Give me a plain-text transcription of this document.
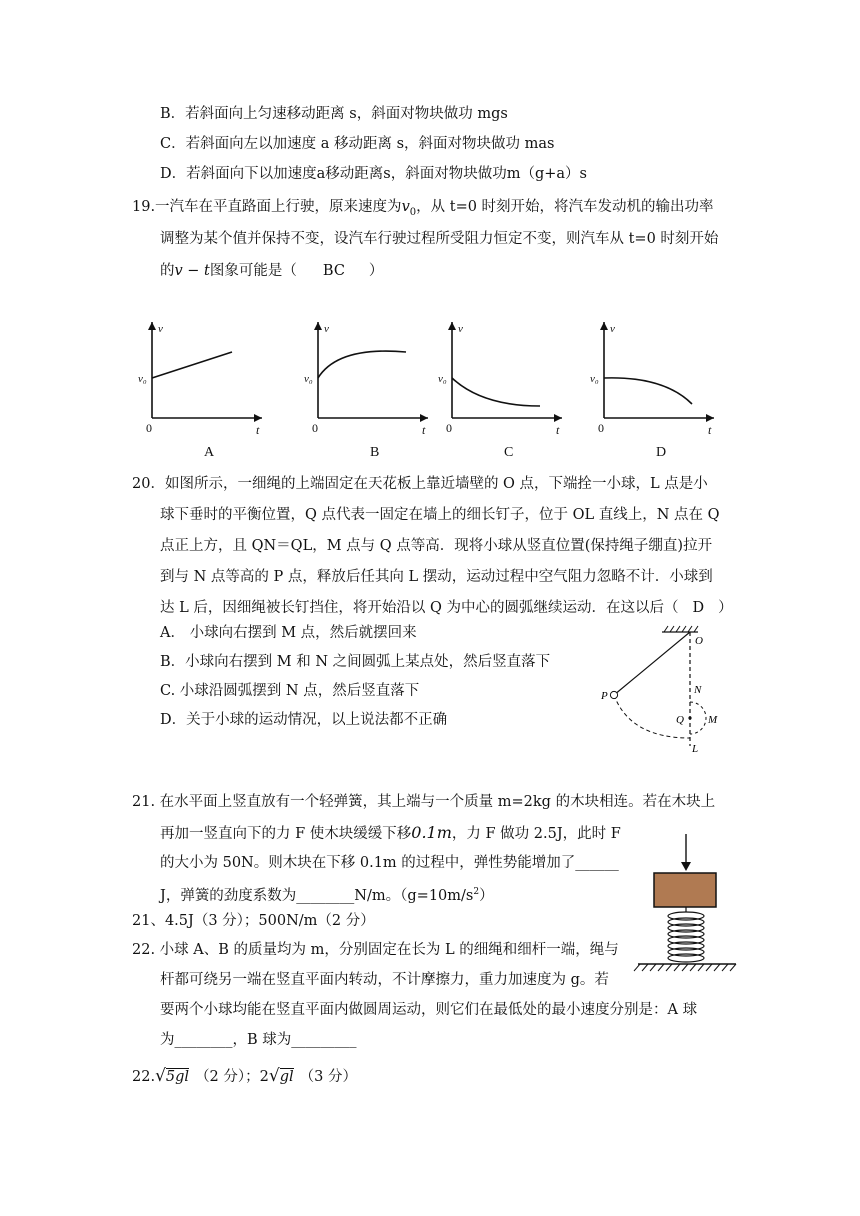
B．若斜面向上匀速移动距离 s，斜面对物块做功 mgs
C．若斜面向左以加速度 a 移动距离 s，斜面对物块做功 mas
D．若斜面向下以加速度a移动距离s，斜面对物块做功m（g+a）s
19.一汽车在平直路面上行驶，原来速度为$v_0$，从 t=0 时刻开始，将汽车发动机的输出功率
调整为某个值并保持不变，设汽车行驶过程所受阻力恒定不变，则汽车从 t=0 时刻开始
的v − t图象可能是（ BC ）
v
v₀
0	t
A
v
v₀
0	t
B
v
v₀
0	t
C
v
v₀
0	t
D
20．如图所示，一细绳的上端固定在天花板上靠近墙壁的 O 点，下端拴一小球，L 点是小
球下垂时的平衡位置，Q 点代表一固定在墙上的细长钉子，位于 OL 直线上，N 点在 Q
点正上方，且 QN＝QL，M 点与 Q 点等高．现将小球从竖直位置(保持绳子绷直)拉开
到与 N 点等高的 P 点，释放后任其向 L 摆动，运动过程中空气阻力忽略不计．小球到
达 L 后，因细绳被长钉挡住，将开始沿以 Q 为中心的圆弧继续运动．在这以后（ D ）
A． 小球向右摆到 M 点，然后就摆回来
B．小球向右摆到 M 和 N 之间圆弧上某点处，然后竖直落下
C. 小球沿圆弧摆到 N 点，然后竖直落下
D．关于小球的运动情况，以上说法都不正确
O
N
P
Q M
L
21. 在水平面上竖直放有一个轻弹簧，其上端与一个质量 m=2kg 的木块相连。若在木块上
再加一竖直向下的力 F 使木块缓缓下移0.1m，力 F 做功 2.5J，此时 F
的大小为 50N。则木块在下移 0.1m 的过程中，弹性势能增加了______
J，弹簧的劲度系数为________N/m。$(g=10m/s^2)$
21、4.5J（3 分）；500N/m（2 分）
22. 小球 A、B 的质量均为 m，分别固定在长为 L 的细绳和细杆一端，绳与
杆都可绕另一端在竖直平面内转动，不计摩擦力，重力加速度为 g。若
要两个小球均能在竖直平面内做圆周运动，则它们在最低处的最小速度分别是：A 球
为________，B 球为_________
22.√5gl （2 分）；2√gl （3 分）
